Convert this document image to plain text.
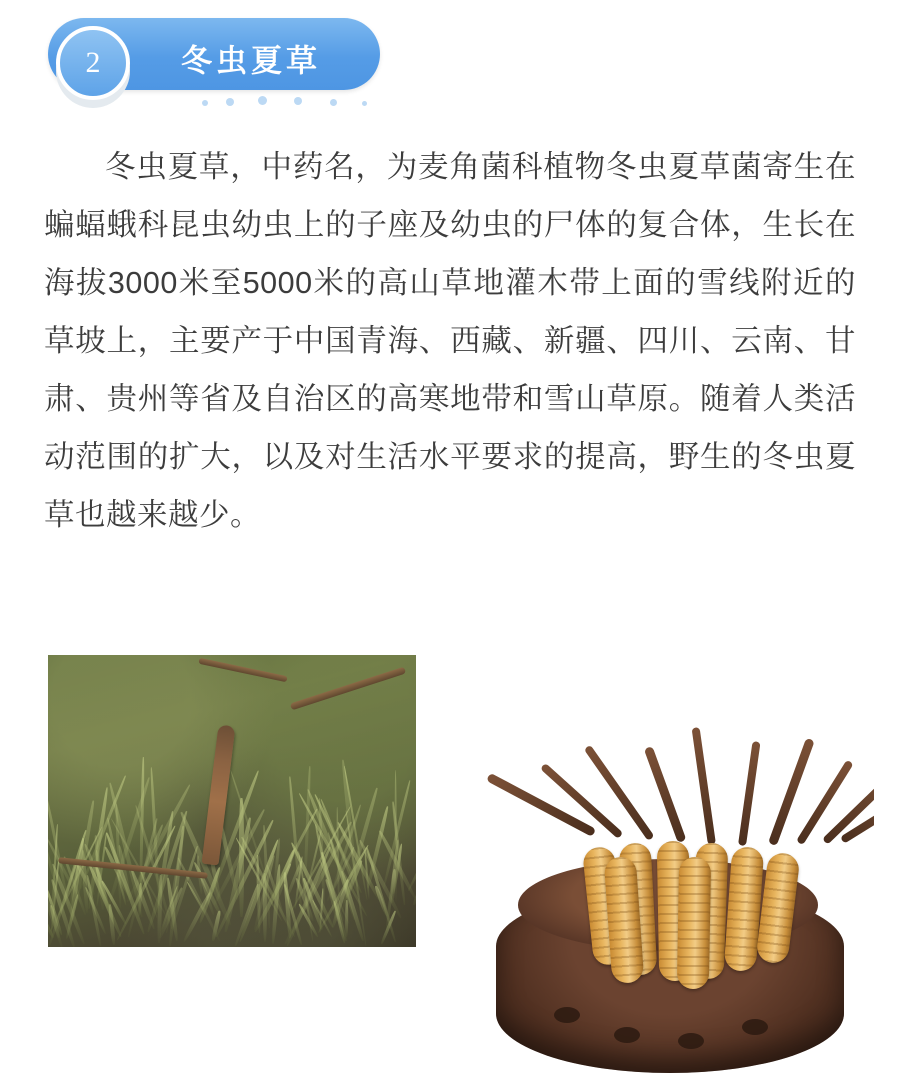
2	冬虫夏草

冬虫夏草，中药名，为麦角菌科植物冬虫夏草菌寄生在蝙蝠蛾科昆虫幼虫上的子座及幼虫的尸体的复合体，生长在海拔3000米至5000米的高山草地灌木带上面的雪线附近的草坡上，主要产于中国青海、西藏、新疆、四川、云南、甘肃、贵州等省及自治区的高寒地带和雪山草原。随着人类活动范围的扩大，以及对生活水平要求的提高，野生的冬虫夏草也越来越少。
